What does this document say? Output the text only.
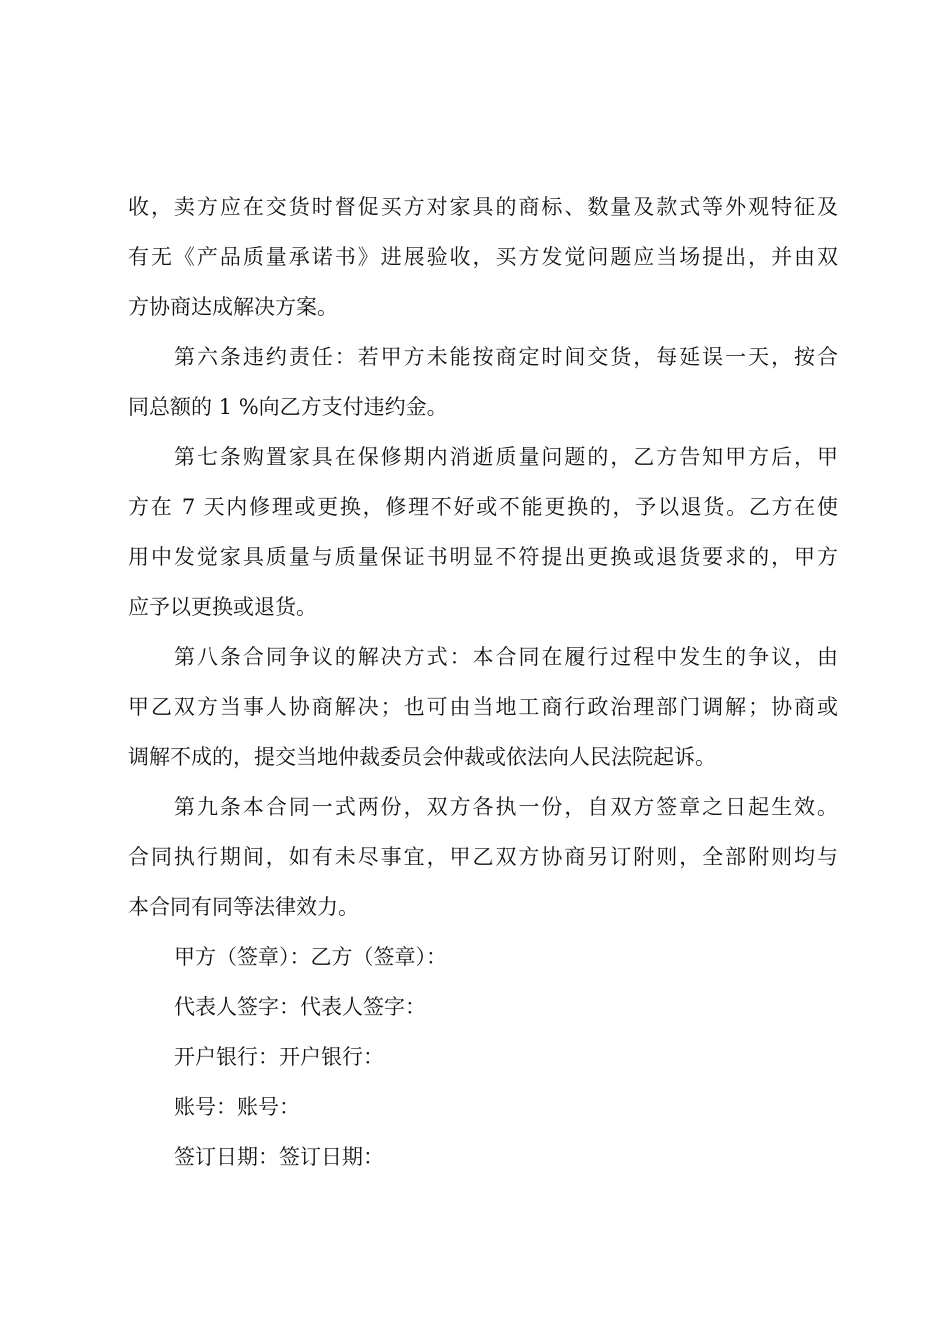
收，卖方应在交货时督促买方对家具的商标、数量及款式等外观特征及
有无《产品质量承诺书》进展验收，买方发觉问题应当场提出，并由双
方协商达成解决方案。
第六条违约责任：若甲方未能按商定时间交货，每延误一天，按合
同总额的 1 %向乙方支付违约金。
第七条购置家具在保修期内消逝质量问题的，乙方告知甲方后，甲
方在 7 天内修理或更换，修理不好或不能更换的，予以退货。乙方在使
用中发觉家具质量与质量保证书明显不符提出更换或退货要求的，甲方
应予以更换或退货。
第八条合同争议的解决方式：本合同在履行过程中发生的争议，由
甲乙双方当事人协商解决；也可由当地工商行政治理部门调解；协商或
调解不成的，提交当地仲裁委员会仲裁或依法向人民法院起诉。
第九条本合同一式两份，双方各执一份，自双方签章之日起生效。
合同执行期间，如有未尽事宜，甲乙双方协商另订附则，全部附则均与
本合同有同等法律效力。
甲方（签章）：乙方（签章）：
代表人签字：代表人签字：
开户银行：开户银行：
账号：账号：
签订日期：签订日期：
